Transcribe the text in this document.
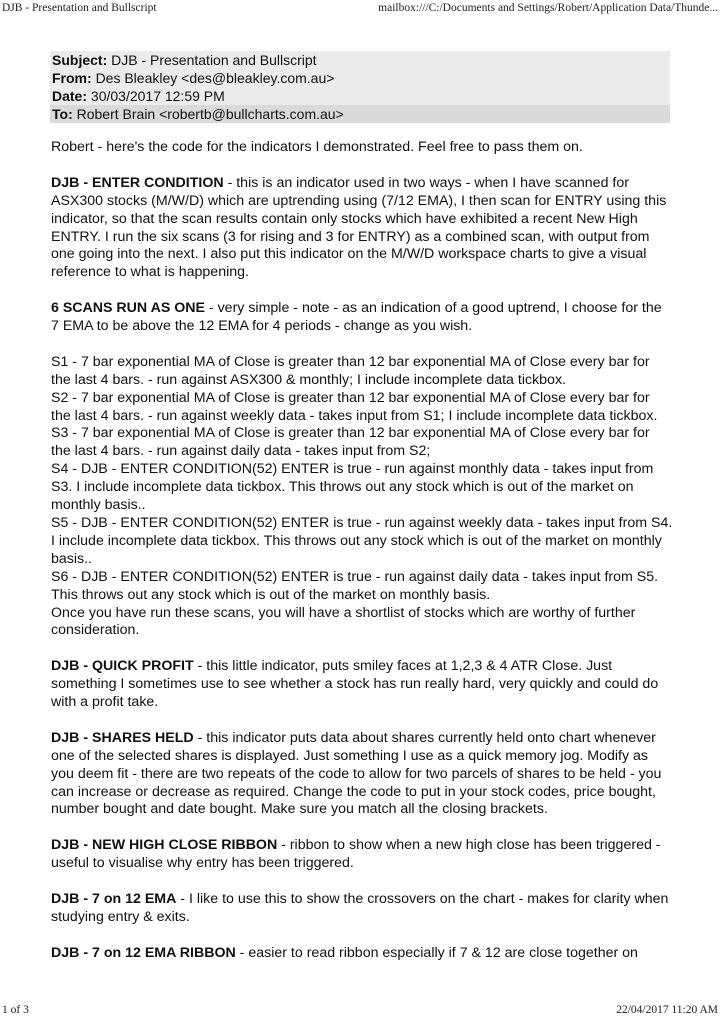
DJB - Presentation and Bullscript	mailbox:///C:/Documents and Settings/Robert/Application Data/Thunde...
Subject: DJB - Presentation and Bullscript
From: Des Bleakley <des@bleakley.com.au>
Date: 30/03/2017 12:59 PM
To: Robert Brain <robertb@bullcharts.com.au>

Robert - here's the code for the indicators I demonstrated. Feel free to pass them on.

DJB - ENTER CONDITION - this is an indicator used in two ways - when I have scanned for ASX300 stocks (M/W/D) which are uptrending using (7/12 EMA), I then scan for ENTRY using this indicator, so that the scan results contain only stocks which have exhibited a recent New High ENTRY. I run the six scans (3 for rising and 3 for ENTRY) as a combined scan, with output from one going into the next. I also put this indicator on the M/W/D workspace charts to give a visual reference to what is happening.

6 SCANS RUN AS ONE - very simple - note - as an indication of a good uptrend, I choose for the 7 EMA to be above the 12 EMA for 4 periods - change as you wish.

S1 - 7 bar exponential MA of Close is greater than 12 bar exponential MA of Close every bar for the last 4 bars. - run against ASX300 & monthly; I include incomplete data tickbox.

S2 - 7 bar exponential MA of Close is greater than 12 bar exponential MA of Close every bar for the last 4 bars. - run against weekly data - takes input from S1; I include incomplete data tickbox.

S3 - 7 bar exponential MA of Close is greater than 12 bar exponential MA of Close every bar for the last 4 bars. - run against daily data - takes input from S2;

S4 - DJB - ENTER CONDITION(52) ENTER is true - run against monthly data - takes input from S3. I include incomplete data tickbox. This throws out any stock which is out of the market on monthly basis..

S5 - DJB - ENTER CONDITION(52) ENTER is true - run against weekly data - takes input from S4. I include incomplete data tickbox. This throws out any stock which is out of the market on monthly basis..

S6 - DJB - ENTER CONDITION(52) ENTER is true - run against daily data - takes input from S5. This throws out any stock which is out of the market on monthly basis.

Once you have run these scans, you will have a shortlist of stocks which are worthy of further consideration.

DJB - QUICK PROFIT - this little indicator, puts smiley faces at 1,2,3 & 4 ATR Close. Just something I sometimes use to see whether a stock has run really hard, very quickly and could do with a profit take.

DJB - SHARES HELD - this indicator puts data about shares currently held onto chart whenever one of the selected shares is displayed. Just something I use as a quick memory jog. Modify as you deem fit - there are two repeats of the code to allow for two parcels of shares to be held - you can increase or decrease as required. Change the code to put in your stock codes, price bought, number bought and date bought. Make sure you match all the closing brackets.

DJB - NEW HIGH CLOSE RIBBON - ribbon to show when a new high close has been triggered - useful to visualise why entry has been triggered.

DJB - 7 on 12 EMA - I like to use this to show the crossovers on the chart - makes for clarity when studying entry & exits.

DJB - 7 on 12 EMA RIBBON - easier to read ribbon especially if 7 & 12 are close together on

1 of 3	22/04/2017 11:20 AM
